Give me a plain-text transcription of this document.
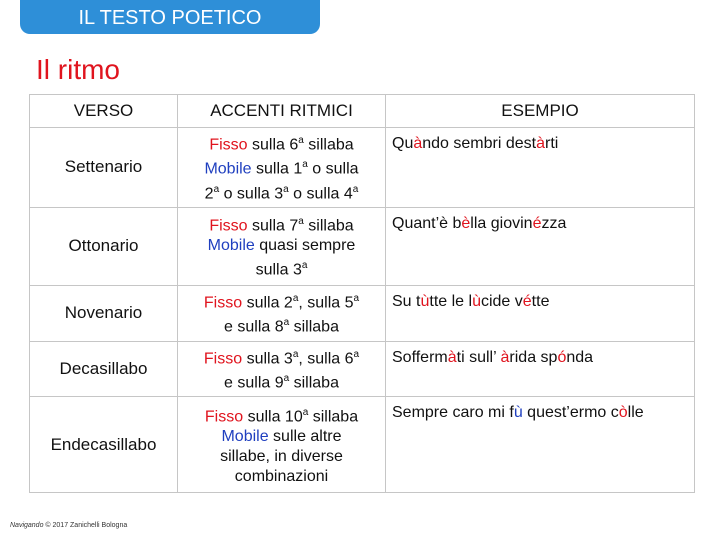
IL TESTO POETICO
Il ritmo
VERSO	ACCENTI RITMICI	ESEMPIO
Settenario	Fisso sulla 6$^a$ sillaba
Mobile sulla 1$^a$ o sulla
2$^a$ o sulla 3$^a$ o sulla 4$^a$	Quàndo sembri destàrti
Ottonario	Fisso sulla 7$^a$ sillaba
Mobile quasi sempre
sulla 3$^a$	Quant’è bèlla giovinézza
Novenario	Fisso sulla 2$^a$, sulla 5$^a$
e sulla 8$^a$ sillaba	Su tùtte le lùcide vétte
Decasillabo	Fisso sulla 3$^a$, sulla 6$^a$
e sulla 9$^a$ sillaba	Soffermàti sull’ àrida spónda
Endecasillabo	Fisso sulla 10$^a$ sillaba
Mobile sulle altre
sillabe, in diverse
combinazioni	Sempre caro mi fù quest’ermo còlle
Navigando © 2017 Zanichelli Bologna
